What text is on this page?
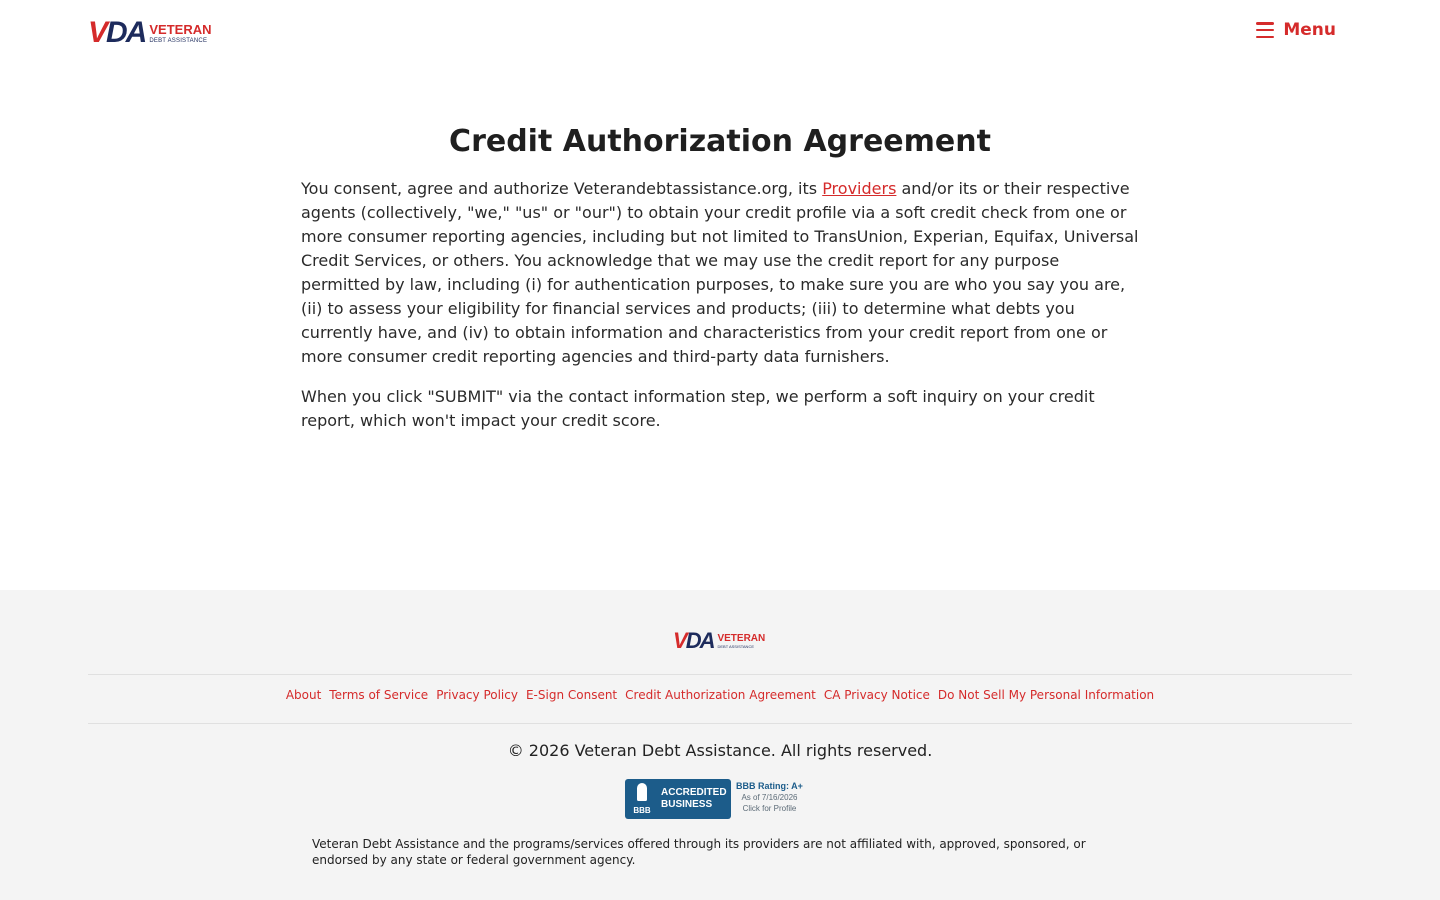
VDA VETERAN
DEBT ASSISTANCE
Menu
Credit Authorization Agreement

You consent, agree and authorize Veterandebtassistance.org, its Providers and/or its or their respective agents (collectively, "we," "us" or "our") to obtain your credit profile via a soft credit check from one or more consumer reporting agencies, including but not limited to TransUnion, Experian, Equifax, Universal Credit Services, or others. You acknowledge that we may use the credit report for any purpose permitted by law, including (i) for authentication purposes, to make sure you are who you say you are, (ii) to assess your eligibility for financial services and products; (iii) to determine what debts you currently have, and (iv) to obtain information and characteristics from your credit report from one or more consumer credit reporting agencies and third-party data furnishers.

When you click "SUBMIT" via the contact information step, we perform a soft inquiry on your credit report, which won't impact your credit score.

VDA VETERAN
DEBT ASSISTANCE
About Terms of Service Privacy Policy E-Sign Consent Credit Authorization Agreement CA Privacy Notice Do Not Sell My Personal Information
© 2026 Veteran Debt Assistance. All rights reserved.
BBB
ACCREDITED
BUSINESS
BBB Rating: A+
As of 7/16/2026
Click for Profile

Veteran Debt Assistance and the programs/services offered through its providers are not affiliated with, approved, sponsored, or endorsed by any state or federal government agency.
